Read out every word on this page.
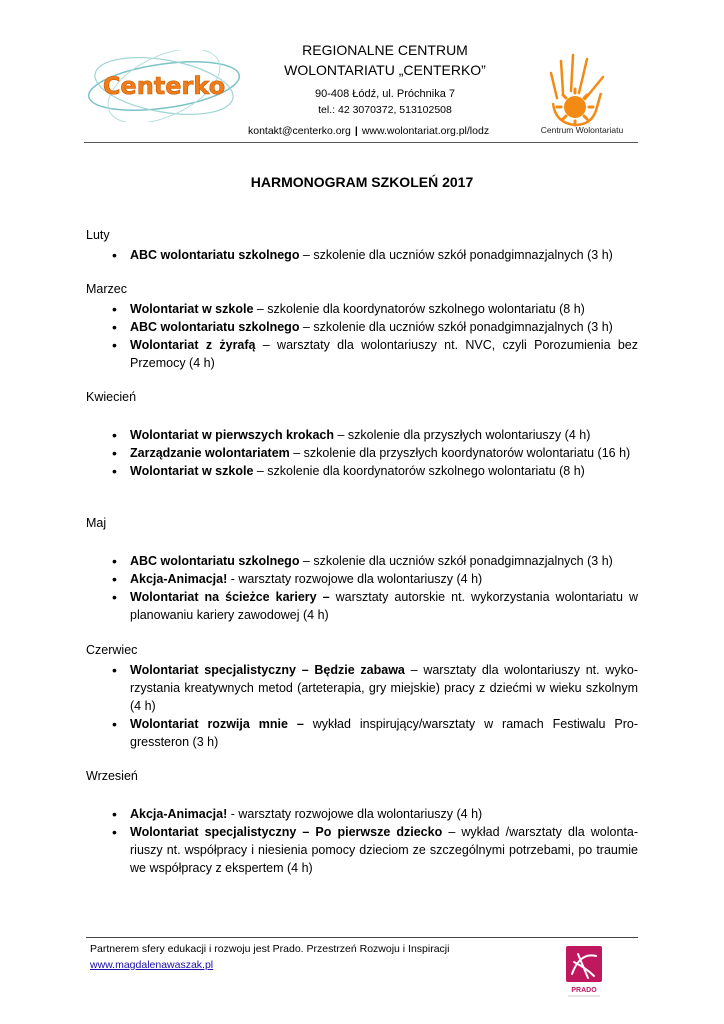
Centerko
REGIONALNE CENTRUM
WOLONTARIATU „CENTERKO”
90-408 Łódź, ul. Próchnika 7
tel.: 42 3070372, 513102508
kontakt@centerko.org | www.wolontariat.org.pl/lodz	Centrum Wolontariatu
HARMONOGRAM SZKOLEŃ 2017
Luty
• ABC wolontariatu szkolnego – szkolenie dla uczniów szkół ponadgimnazjalnych (3 h)
Marzec
• Wolontariat w szkole – szkolenie dla koordynatorów szkolnego wolontariatu (8 h)
• ABC wolontariatu szkolnego – szkolenie dla uczniów szkół ponadgimnazjalnych (3 h)
• Wolontariat z żyrafą – warsztaty dla wolontariuszy nt. NVC, czyli Porozumienia bez Przemocy (4 h)
Kwiecień
• Wolontariat w pierwszych krokach – szkolenie dla przyszłych wolontariuszy (4 h)
• Zarządzanie wolontariatem – szkolenie dla przyszłych koordynatorów wolontariatu (16 h)
• Wolontariat w szkole – szkolenie dla koordynatorów szkolnego wolontariatu (8 h)
Maj
• ABC wolontariatu szkolnego – szkolenie dla uczniów szkół ponadgimnazjalnych (3 h)
• Akcja-Animacja! - warsztaty rozwojowe dla wolontariuszy (4 h)
• Wolontariat na ścieżce kariery – warsztaty autorskie nt. wykorzystania wolontariatu w planowaniu kariery zawodowej (4 h)
Czerwiec
• Wolontariat specjalistyczny – Będzie zabawa – warsztaty dla wolontariuszy nt. wyko-rzystania kreatywnych metod (arteterapia, gry miejskie) pracy z dziećmi w wieku szkolnym (4 h)
• Wolontariat rozwija mnie – wykład inspirujący/warsztaty w ramach Festiwalu Pro-gressteron (3 h)
Wrzesień
• Akcja-Animacja! - warsztaty rozwojowe dla wolontariuszy (4 h)
• Wolontariat specjalistyczny – Po pierwsze dziecko – wykład /warsztaty dla wolonta-riuszy nt. współpracy i niesienia pomocy dzieciom ze szczególnymi potrzebami, po traumie we współpracy z ekspertem (4 h)
Partnerem sfery edukacji i rozwoju jest Prado. Przestrzeń Rozwoju i Inspiracji
www.magdalenawaszak.pl
PRADO
